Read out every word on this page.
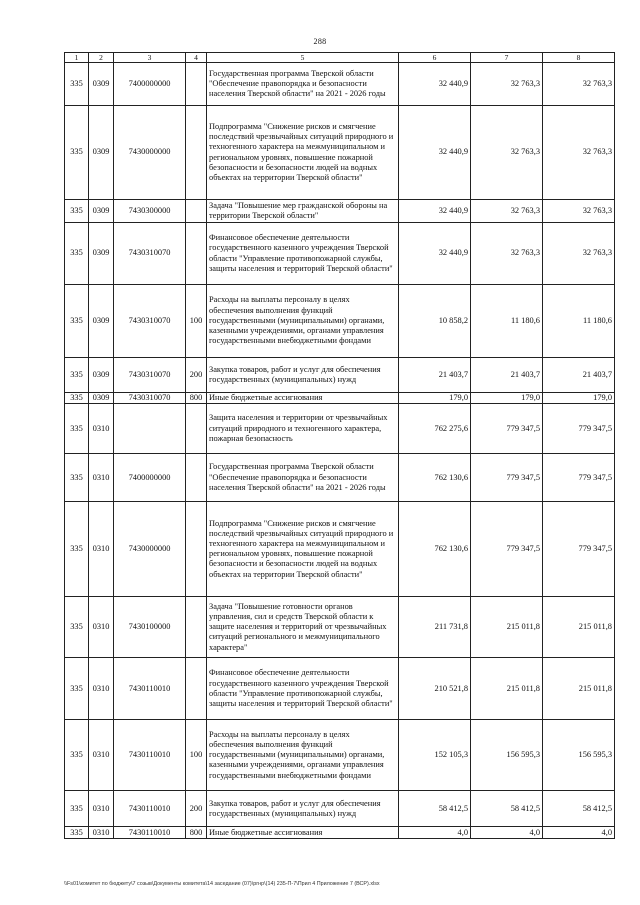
288
1	2	3	4	5	6	7	8
335	0309	7400000000		Государственная программа Тверской области "Обеспечение правопорядка и безопасности населения Тверской области" на 2021 - 2026 годы	32 440,9	32 763,3	32 763,3
335	0309	7430000000		Подпрограмма "Снижение рисков и смягчение последствий чрезвычайных ситуаций природного и техногенного характера на межмуниципальном и региональном уровнях, повышение пожарной безопасности и безопасности людей на водных объектах на территории Тверской области"	32 440,9	32 763,3	32 763,3
335	0309	7430300000		Задача "Повышение мер гражданской обороны на территории Тверской области"	32 440,9	32 763,3	32 763,3
335	0309	7430310070		Финансовое обеспечение деятельности государственного казенного учреждения Тверской области "Управление противопожарной службы, защиты населения и территорий Тверской области"	32 440,9	32 763,3	32 763,3
335	0309	7430310070	100	Расходы на выплаты персоналу в целях обеспечения выполнения функций государственными (муниципальными) органами, казенными учреждениями, органами управления государственными внебюджетными фондами	10 858,2	11 180,6	11 180,6
335	0309	7430310070	200	Закупка товаров, работ и услуг для обеспечения государственных (муниципальных) нужд	21 403,7	21 403,7	21 403,7
335	0309	7430310070	800	Иные бюджетные ассигнования	179,0	179,0	179,0
335	0310			Защита населения и территории от чрезвычайных ситуаций природного и техногенного характера, пожарная безопасность	762 275,6	779 347,5	779 347,5
335	0310	7400000000		Государственная программа Тверской области "Обеспечение правопорядка и безопасности населения Тверской области" на 2021 - 2026 годы	762 130,6	779 347,5	779 347,5
335	0310	7430000000		Подпрограмма "Снижение рисков и смягчение последствий чрезвычайных ситуаций природного и техногенного характера на межмуниципальном и региональном уровнях, повышение пожарной безопасности и безопасности людей на водных объектах на территории Тверской области"	762 130,6	779 347,5	779 347,5
335	0310	7430100000		Задача "Повышение готовности органов управления, сил и средств Тверской области к защите населения и территорий от чрезвычайных ситуаций регионального и межмуниципального характера"	211 731,8	215 011,8	215 011,8
335	0310	7430110010		Финансовое обеспечение деятельности государственного казенного учреждения Тверской области "Управление противопожарной службы, защиты населения и территорий Тверской области"	210 521,8	215 011,8	215 011,8
335	0310	7430110010	100	Расходы на выплаты персоналу в целях обеспечения выполнения функций государственными (муниципальными) органами, казенными учреждениями, органами управления государственными внебюджетными фондами	152 105,3	156 595,3	156 595,3
335	0310	7430110010	200	Закупка товаров, работ и услуг для обеспечения государственных (муниципальных) нужд	58 412,5	58 412,5	58 412,5
335	0310	7430110010	800	Иные бюджетные ассигнования	4,0	4,0	4,0
\\Fs01\комитет по бюджету\7 созыв\Документы комитета\14 заседание (07)\ргнр\(14) 235-П-7\Прил 4 Приложение 7 (ВСР).xlsx
